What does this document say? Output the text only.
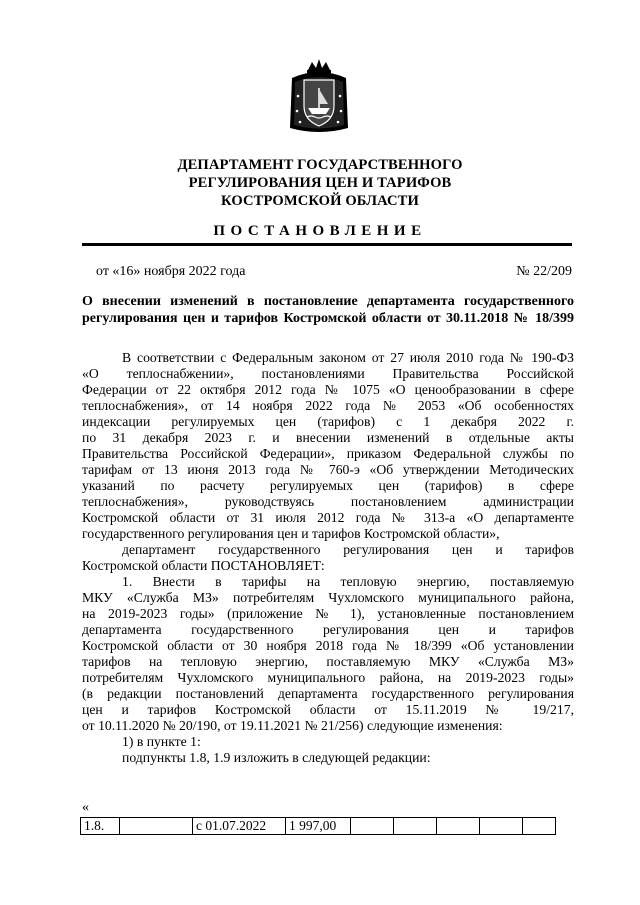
ДЕПАРТАМЕНТ ГОСУДАРСТВЕННОГО
РЕГУЛИРОВАНИЯ ЦЕН И ТАРИФОВ
КОСТРОМСКОЙ ОБЛАСТИ
ПОСТАНОВЛЕНИЕ
от «16» ноября 2022 года	№ 22/209
О внесении изменений в постановление департамента государственного
регулирования цен и тарифов Костромской области от 30.11.2018 № 18/399
В соответствии с Федеральным законом от 27 июля 2010 года № 190-ФЗ
«О теплоснабжении», постановлениями Правительства Российской
Федерации от 22 октября 2012 года № 1075 «О ценообразовании в сфере
теплоснабжения», от 14 ноября 2022 года № 2053 «Об особенностях
индексации регулируемых цен (тарифов) с 1 декабря 2022 г.
по 31 декабря 2023 г. и внесении изменений в отдельные акты
Правительства Российской Федерации», приказом Федеральной службы по
тарифам от 13 июня 2013 года № 760-э «Об утверждении Методических
указаний по расчету регулируемых цен (тарифов) в сфере
теплоснабжения», руководствуясь постановлением администрации
Костромской области от 31 июля 2012 года № 313-а «О департаменте
государственного регулирования цен и тарифов Костромской области»,
департамент государственного регулирования цен и тарифов
Костромской области ПОСТАНОВЛЯЕТ:
1. Внести в тарифы на тепловую энергию, поставляемую
МКУ «Служба МЗ» потребителям Чухломского муниципального района,
на 2019-2023 годы» (приложение № 1), установленные постановлением
департамента государственного регулирования цен и тарифов
Костромской области от 30 ноября 2018 года № 18/399 «Об установлении
тарифов на тепловую энергию, поставляемую МКУ «Служба МЗ»
потребителям Чухломского муниципального района, на 2019-2023 годы»
(в редакции постановлений департамента государственного регулирования
цен и тарифов Костромской области от 15.11.2019 № 19/217,
от 10.11.2020 № 20/190, от 19.11.2021 № 21/256) следующие изменения:
1) в пункте 1:
подпункты 1.8, 1.9 изложить в следующей редакции:
«
1.8.		с 01.07.2022	1 997,00					
